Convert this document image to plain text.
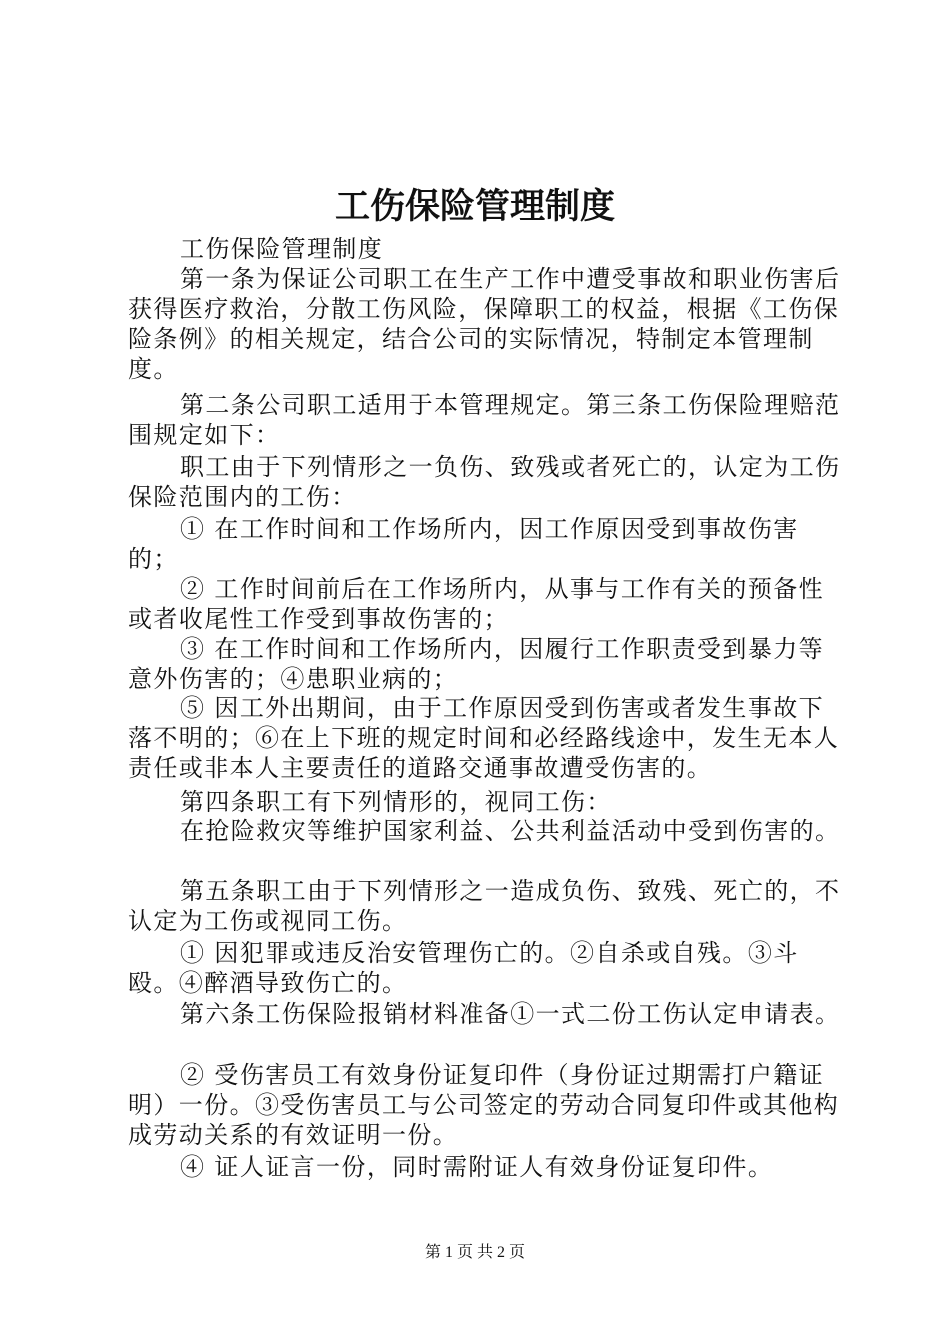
工伤保险管理制度

工伤保险管理制度

第一条为保证公司职工在生产工作中遭受事故和职业伤害后获得医疗救治，分散工伤风险，保障职工的权益，根据《工伤保险条例》的相关规定，结合公司的实际情况，特制定本管理制度。

第二条公司职工适用于本管理规定。第三条工伤保险理赔范围规定如下：

职工由于下列情形之一负伤、致残或者死亡的，认定为工伤保险范围内的工伤：

① 在工作时间和工作场所内，因工作原因受到事故伤害的；

② 工作时间前后在工作场所内，从事与工作有关的预备性或者收尾性工作受到事故伤害的；

③ 在工作时间和工作场所内，因履行工作职责受到暴力等意外伤害的；④患职业病的；

⑤ 因工外出期间，由于工作原因受到伤害或者发生事故下落不明的；⑥在上下班的规定时间和必经路线途中，发生无本人责任或非本人主要责任的道路交通事故遭受伤害的。

第四条职工有下列情形的，视同工伤：

在抢险救灾等维护国家利益、公共利益活动中受到伤害的。

第五条职工由于下列情形之一造成负伤、致残、死亡的，不认定为工伤或视同工伤。

① 因犯罪或违反治安管理伤亡的。②自杀或自残。③斗殴。④醉酒导致伤亡的。

第六条工伤保险报销材料准备①一式二份工伤认定申请表。

② 受伤害员工有效身份证复印件（身份证过期需打户籍证明）一份。③受伤害员工与公司签定的劳动合同复印件或其他构成劳动关系的有效证明一份。

④ 证人证言一份，同时需附证人有效身份证复印件。

第 1 页 共 2 页
